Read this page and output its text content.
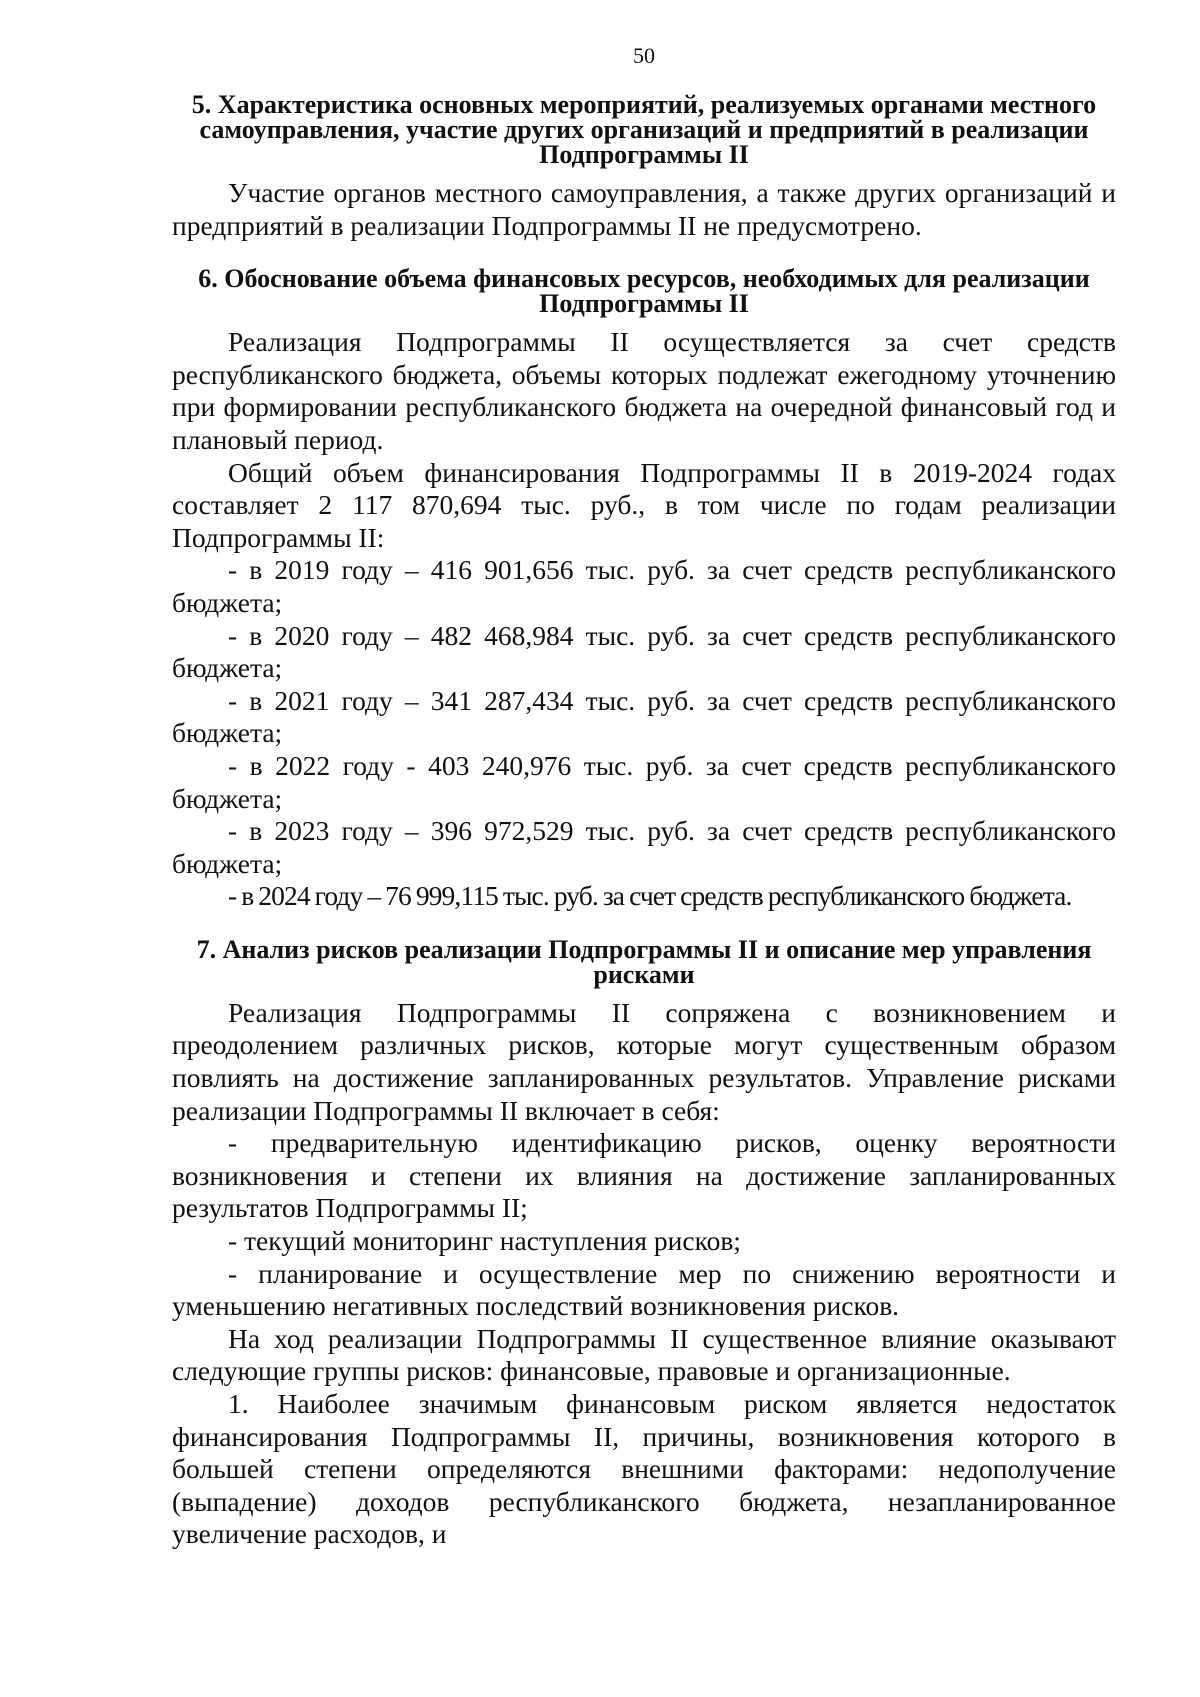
50
5. Характеристика основных мероприятий, реализуемых органами местного самоуправления, участие других организаций и предприятий в реализации Подпрограммы II

Участие органов местного самоуправления, а также других организаций и предприятий в реализации Подпрограммы II не предусмотрено.

6. Обоснование объема финансовых ресурсов, необходимых для реализации Подпрограммы II

Реализация Подпрограммы II осуществляется за счет средств республиканского бюджета, объемы которых подлежат ежегодному уточнению при формировании республиканского бюджета на очередной финансовый год и плановый период.

Общий объем финансирования Подпрограммы II в 2019-2024 годах составляет 2 117 870,694 тыс. руб., в том числе по годам реализации Подпрограммы II:

- в 2019 году – 416 901,656 тыс. руб. за счет средств республиканского бюджета;

- в 2020 году – 482 468,984 тыс. руб. за счет средств республиканского бюджета;

- в 2021 году – 341 287,434 тыс. руб. за счет средств республиканского бюджета;

- в 2022 году - 403 240,976 тыс. руб. за счет средств республиканского бюджета;

- в 2023 году – 396 972,529 тыс. руб. за счет средств республиканского бюджета;

- в 2024 году – 76 999,115 тыс. руб. за счет средств республиканского бюджета.

7. Анализ рисков реализации Подпрограммы II и описание мер управления рисками

Реализация Подпрограммы II сопряжена с возникновением и преодолением различных рисков, которые могут существенным образом повлиять на достижение запланированных результатов. Управление рисками реализации Подпрограммы II включает в себя:

- предварительную идентификацию рисков, оценку вероятности возникновения и степени их влияния на достижение запланированных результатов Подпрограммы II;

- текущий мониторинг наступления рисков;

- планирование и осуществление мер по снижению вероятности и уменьшению негативных последствий возникновения рисков.

На ход реализации Подпрограммы II существенное влияние оказывают следующие группы рисков: финансовые, правовые и организационные.

1. Наиболее значимым финансовым риском является недостаток финансирования Подпрограммы II, причины, возникновения которого в большей степени определяются внешними факторами: недополучение (выпадение) доходов республиканского бюджета, незапланированное увеличение расходов, и
